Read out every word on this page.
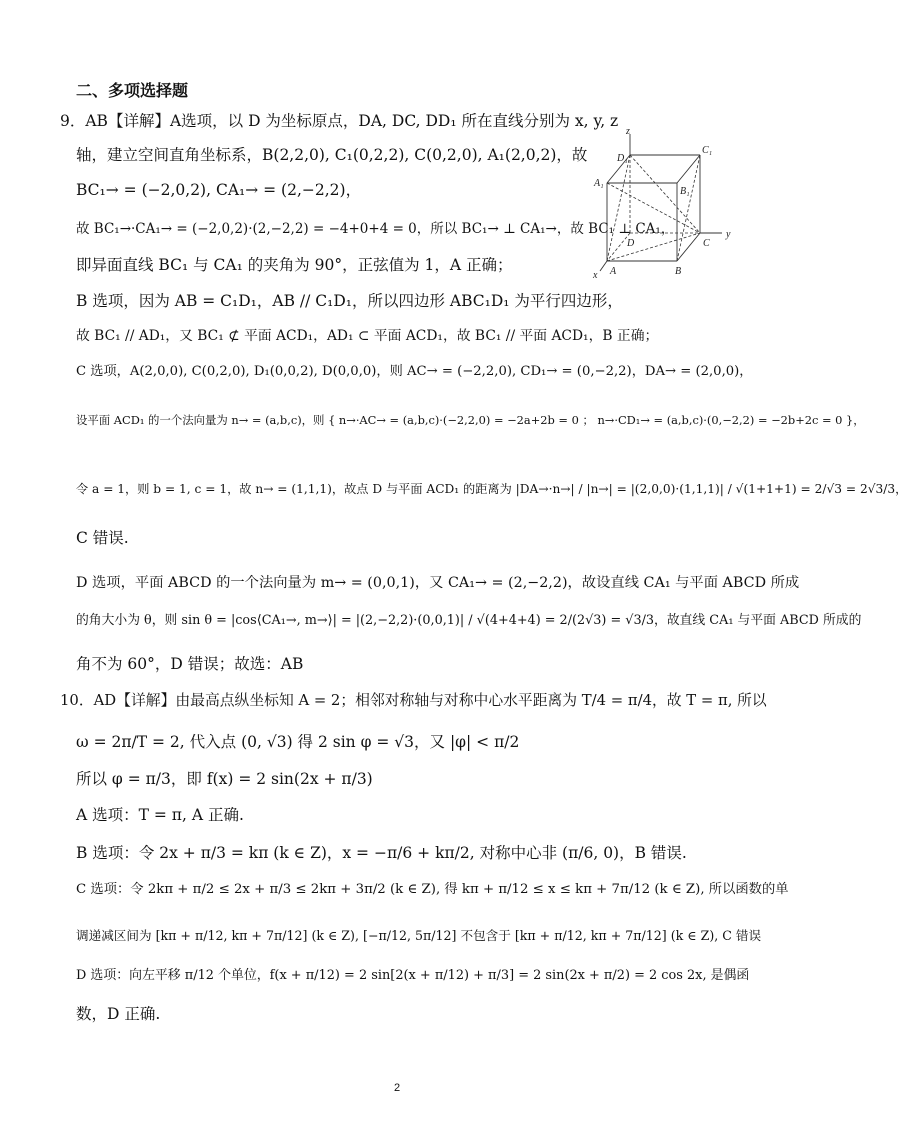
二、多项选择题
9．AB【详解】A选项，以 D 为坐标原点，DA, DC, DD₁ 所在直线分别为 x, y, z
轴，建立空间直角坐标系，B(2,2,0), C₁(0,2,2), C(0,2,0), A₁(2,0,2)，故
BC₁→ = (−2,0,2), CA₁→ = (2,−2,2)，
故 BC₁→·CA₁→ = (−2,0,2)·(2,−2,2) = −4+0+4 = 0，所以 BC₁→ ⊥ CA₁→，故 BC₁ ⊥ CA₁，
即异面直线 BC₁ 与 CA₁ 的夹角为 90°，正弦值为 1，A 正确；
B 选项，因为 AB = C₁D₁，AB // C₁D₁，所以四边形 ABC₁D₁ 为平行四边形，
故 BC₁ // AD₁，又 BC₁ ⊄ 平面 ACD₁，AD₁ ⊂ 平面 ACD₁，故 BC₁ // 平面 ACD₁，B 正确；
C 选项，A(2,0,0), C(0,2,0), D₁(0,0,2), D(0,0,0)，则 AC→ = (−2,2,0), CD₁→ = (0,−2,2)，DA→ = (2,0,0)，
设平面 ACD₁ 的一个法向量为 n→ = (a,b,c)，则 { n→·AC→ = (a,b,c)·(−2,2,0) = −2a+2b = 0 ； n→·CD₁→ = (a,b,c)·(0,−2,2) = −2b+2c = 0 }，
令 a = 1，则 b = 1, c = 1，故 n→ = (1,1,1)，故点 D 与平面 ACD₁ 的距离为 |DA→·n→| / |n→| = |(2,0,0)·(1,1,1)| / √(1+1+1) = 2/√3 = 2√3/3，
C 错误.
D 选项，平面 ABCD 的一个法向量为 m→ = (0,0,1)，又 CA₁→ = (2,−2,2)，故设直线 CA₁ 与平面 ABCD 所成
的角大小为 θ，则 sin θ = |cos⟨CA₁→, m→⟩| = |(2,−2,2)·(0,0,1)| / √(4+4+4) = 2/(2√3) = √3/3，故直线 CA₁ 与平面 ABCD 所成的
角不为 60°，D 错误；故选：AB
10．AD【详解】由最高点纵坐标知 A = 2；相邻对称轴与对称中心水平距离为 T/4 = π/4，故 T = π, 所以
ω = 2π/T = 2, 代入点 (0, √3) 得 2 sin φ = √3，又 |φ| < π/2
所以 φ = π/3，即 f(x) = 2 sin(2x + π/3)
A 选项：T = π, A 正确.
B 选项：令 2x + π/3 = kπ (k ∈ Z)，x = −π/6 + kπ/2, 对称中心非 (π/6, 0)，B 错误.
C 选项：令 2kπ + π/2 ≤ 2x + π/3 ≤ 2kπ + 3π/2 (k ∈ Z), 得 kπ + π/12 ≤ x ≤ kπ + 7π/12 (k ∈ Z), 所以函数的单
调递减区间为 [kπ + π/12, kπ + 7π/12] (k ∈ Z), [−π/12, 5π/12] 不包含于 [kπ + π/12, kπ + 7π/12] (k ∈ Z), C 错误
D 选项：向左平移 π/12 个单位，f(x + π/12) = 2 sin[2(x + π/12) + π/3] = 2 sin(2x + π/2) = 2 cos 2x, 是偶函
数，D 正确.
z
D₁
C₁
A₁
B₁
D	C
y
A	B
x
2
